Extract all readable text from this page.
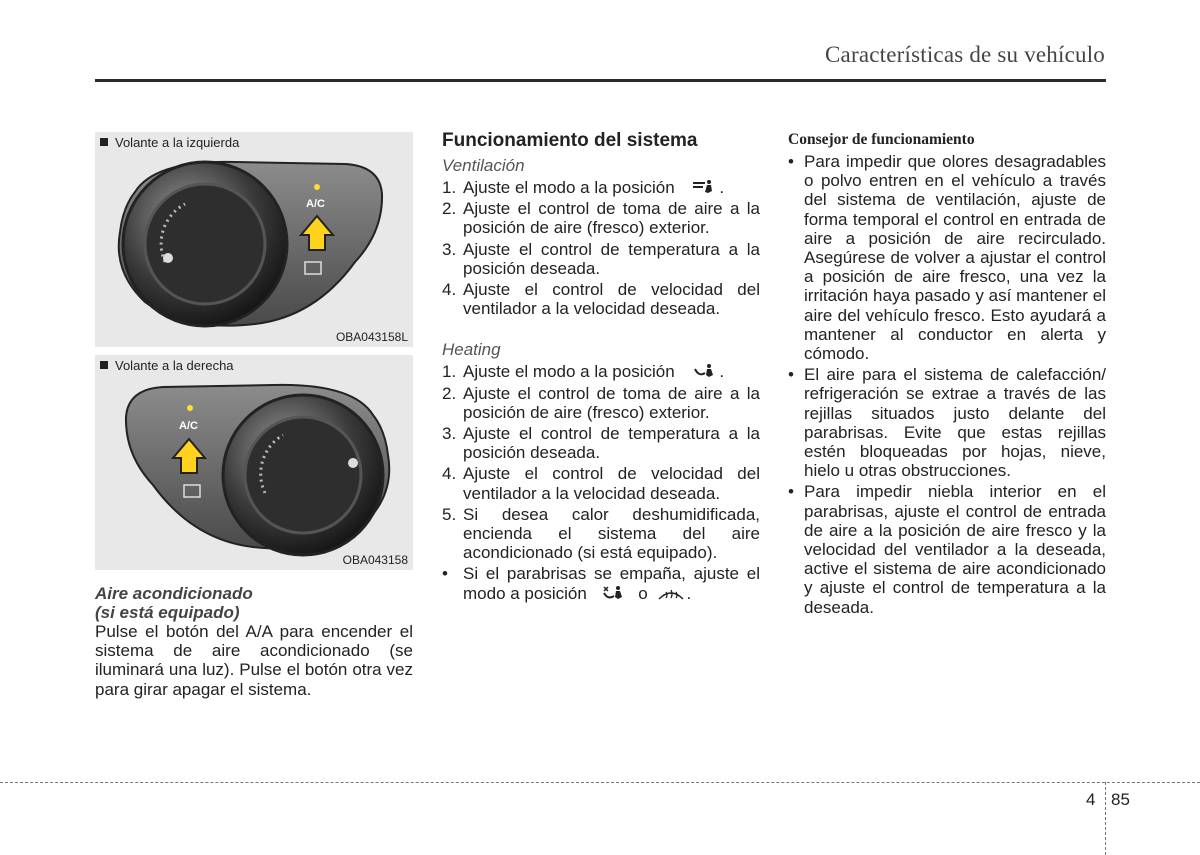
Características de su vehículo
Volante a la izquierda
A/C
OBA043158L
Volante a la derecha
A/C
OBA043158
Aire acondicionado
(si está equipado)
Pulse el botón del A/A para encender el sistema de aire acondicionado (se iluminará una luz). Pulse el botón otra vez para girar apagar el sistema.
Funcionamiento del sistema
Ventilación
1. Ajuste el modo a la posición	.
2. Ajuste el control de toma de aire a la posición de aire (fresco) exterior.
3. Ajuste el control de temperatura a la posición deseada.
4. Ajuste el control de velocidad del ventilador a la velocidad deseada.
Heating
1. Ajuste el modo a la posición	.
2. Ajuste el control de toma de aire a la posición de aire (fresco) exterior.
3. Ajuste el control de temperatura a la posición deseada.
4. Ajuste el control de velocidad del ventilador a la velocidad deseada.
5. Si desea calor deshumidificada, encienda el sistema del aire acondicionado (si está equipado).
• Si el parabrisas se empaña, ajuste el modo a posición	o .
Consejor de funcionamiento
• Para impedir que olores desagradables o polvo entren en el vehículo a través del sistema de ventilación, ajuste de forma temporal el control en entrada de aire a posición de aire recirculado. Asegúrese de volver a ajustar el control a posición de aire fresco, una vez la irritación haya pasado y así mantener el aire del vehículo fresco. Esto ayudará a mantener al conductor en alerta y cómodo.
• El aire para el sistema de calefacción/ refrigeración se extrae a través de las rejillas situados justo delante del parabrisas. Evite que estas rejillas estén bloqueadas por hojas, nieve, hielo u otras obstrucciones.
• Para impedir niebla interior en el parabrisas, ajuste el control de entrada de aire a la posición de aire fresco y la velocidad del ventilador a la deseada, active el sistema de aire acondicionado y ajuste el control de temperatura a la deseada.
4 85
